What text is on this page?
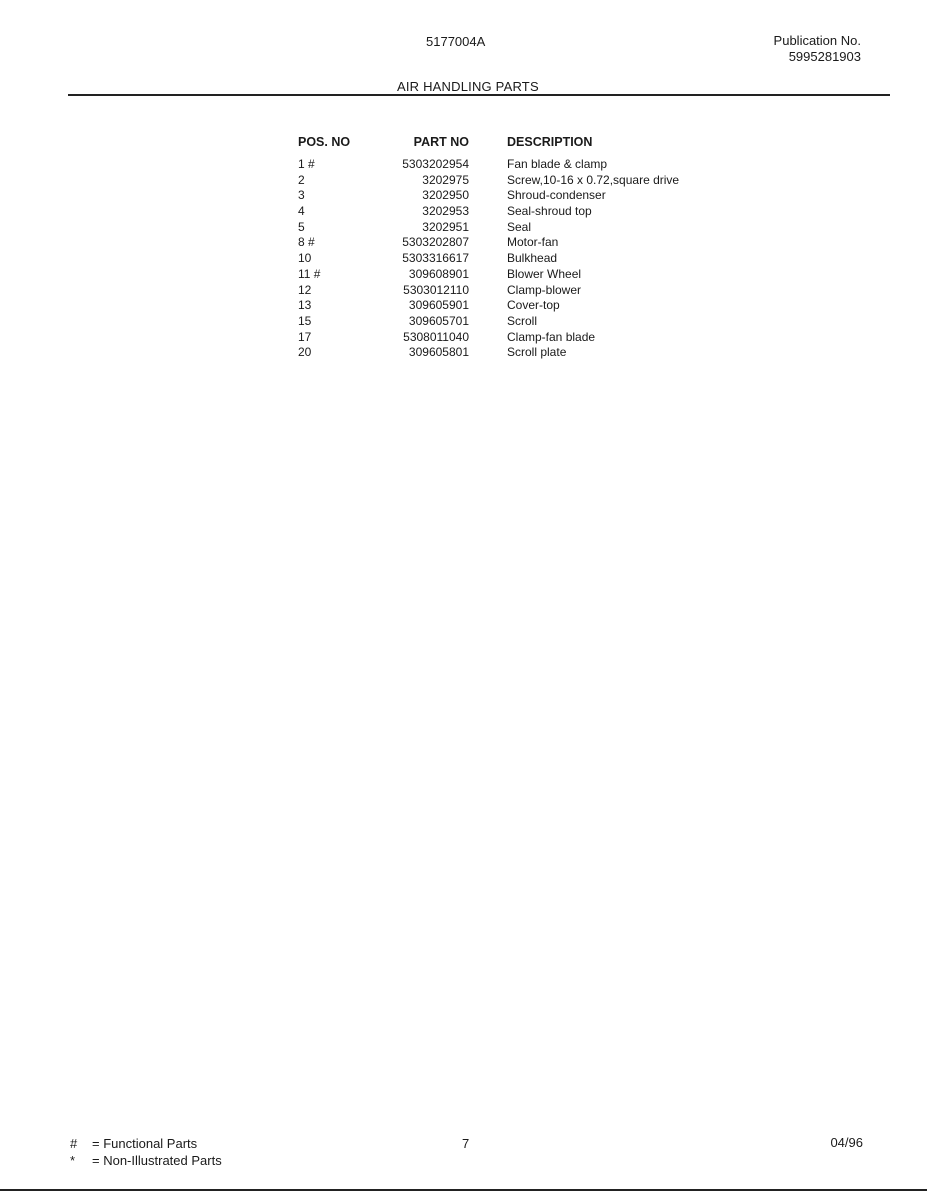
5177004A	Publication No.
5995281903
AIR HANDLING PARTS
POS. NO	PART NO	DESCRIPTION
1 #	5303202954	Fan blade & clamp
2	3202975	Screw,10-16 x 0.72,square drive
3	3202950	Shroud-condenser
4	3202953	Seal-shroud top
5	3202951	Seal
8 #	5303202807	Motor-fan
10	5303316617	Bulkhead
11 #	309608901	Blower Wheel
12	5303012110	Clamp-blower
13	309605901	Cover-top
15	309605701	Scroll
17	5308011040	Clamp-fan blade
20	309605801	Scroll plate
# = Functional Parts
* = Non-Illustrated Parts
7	04/96
